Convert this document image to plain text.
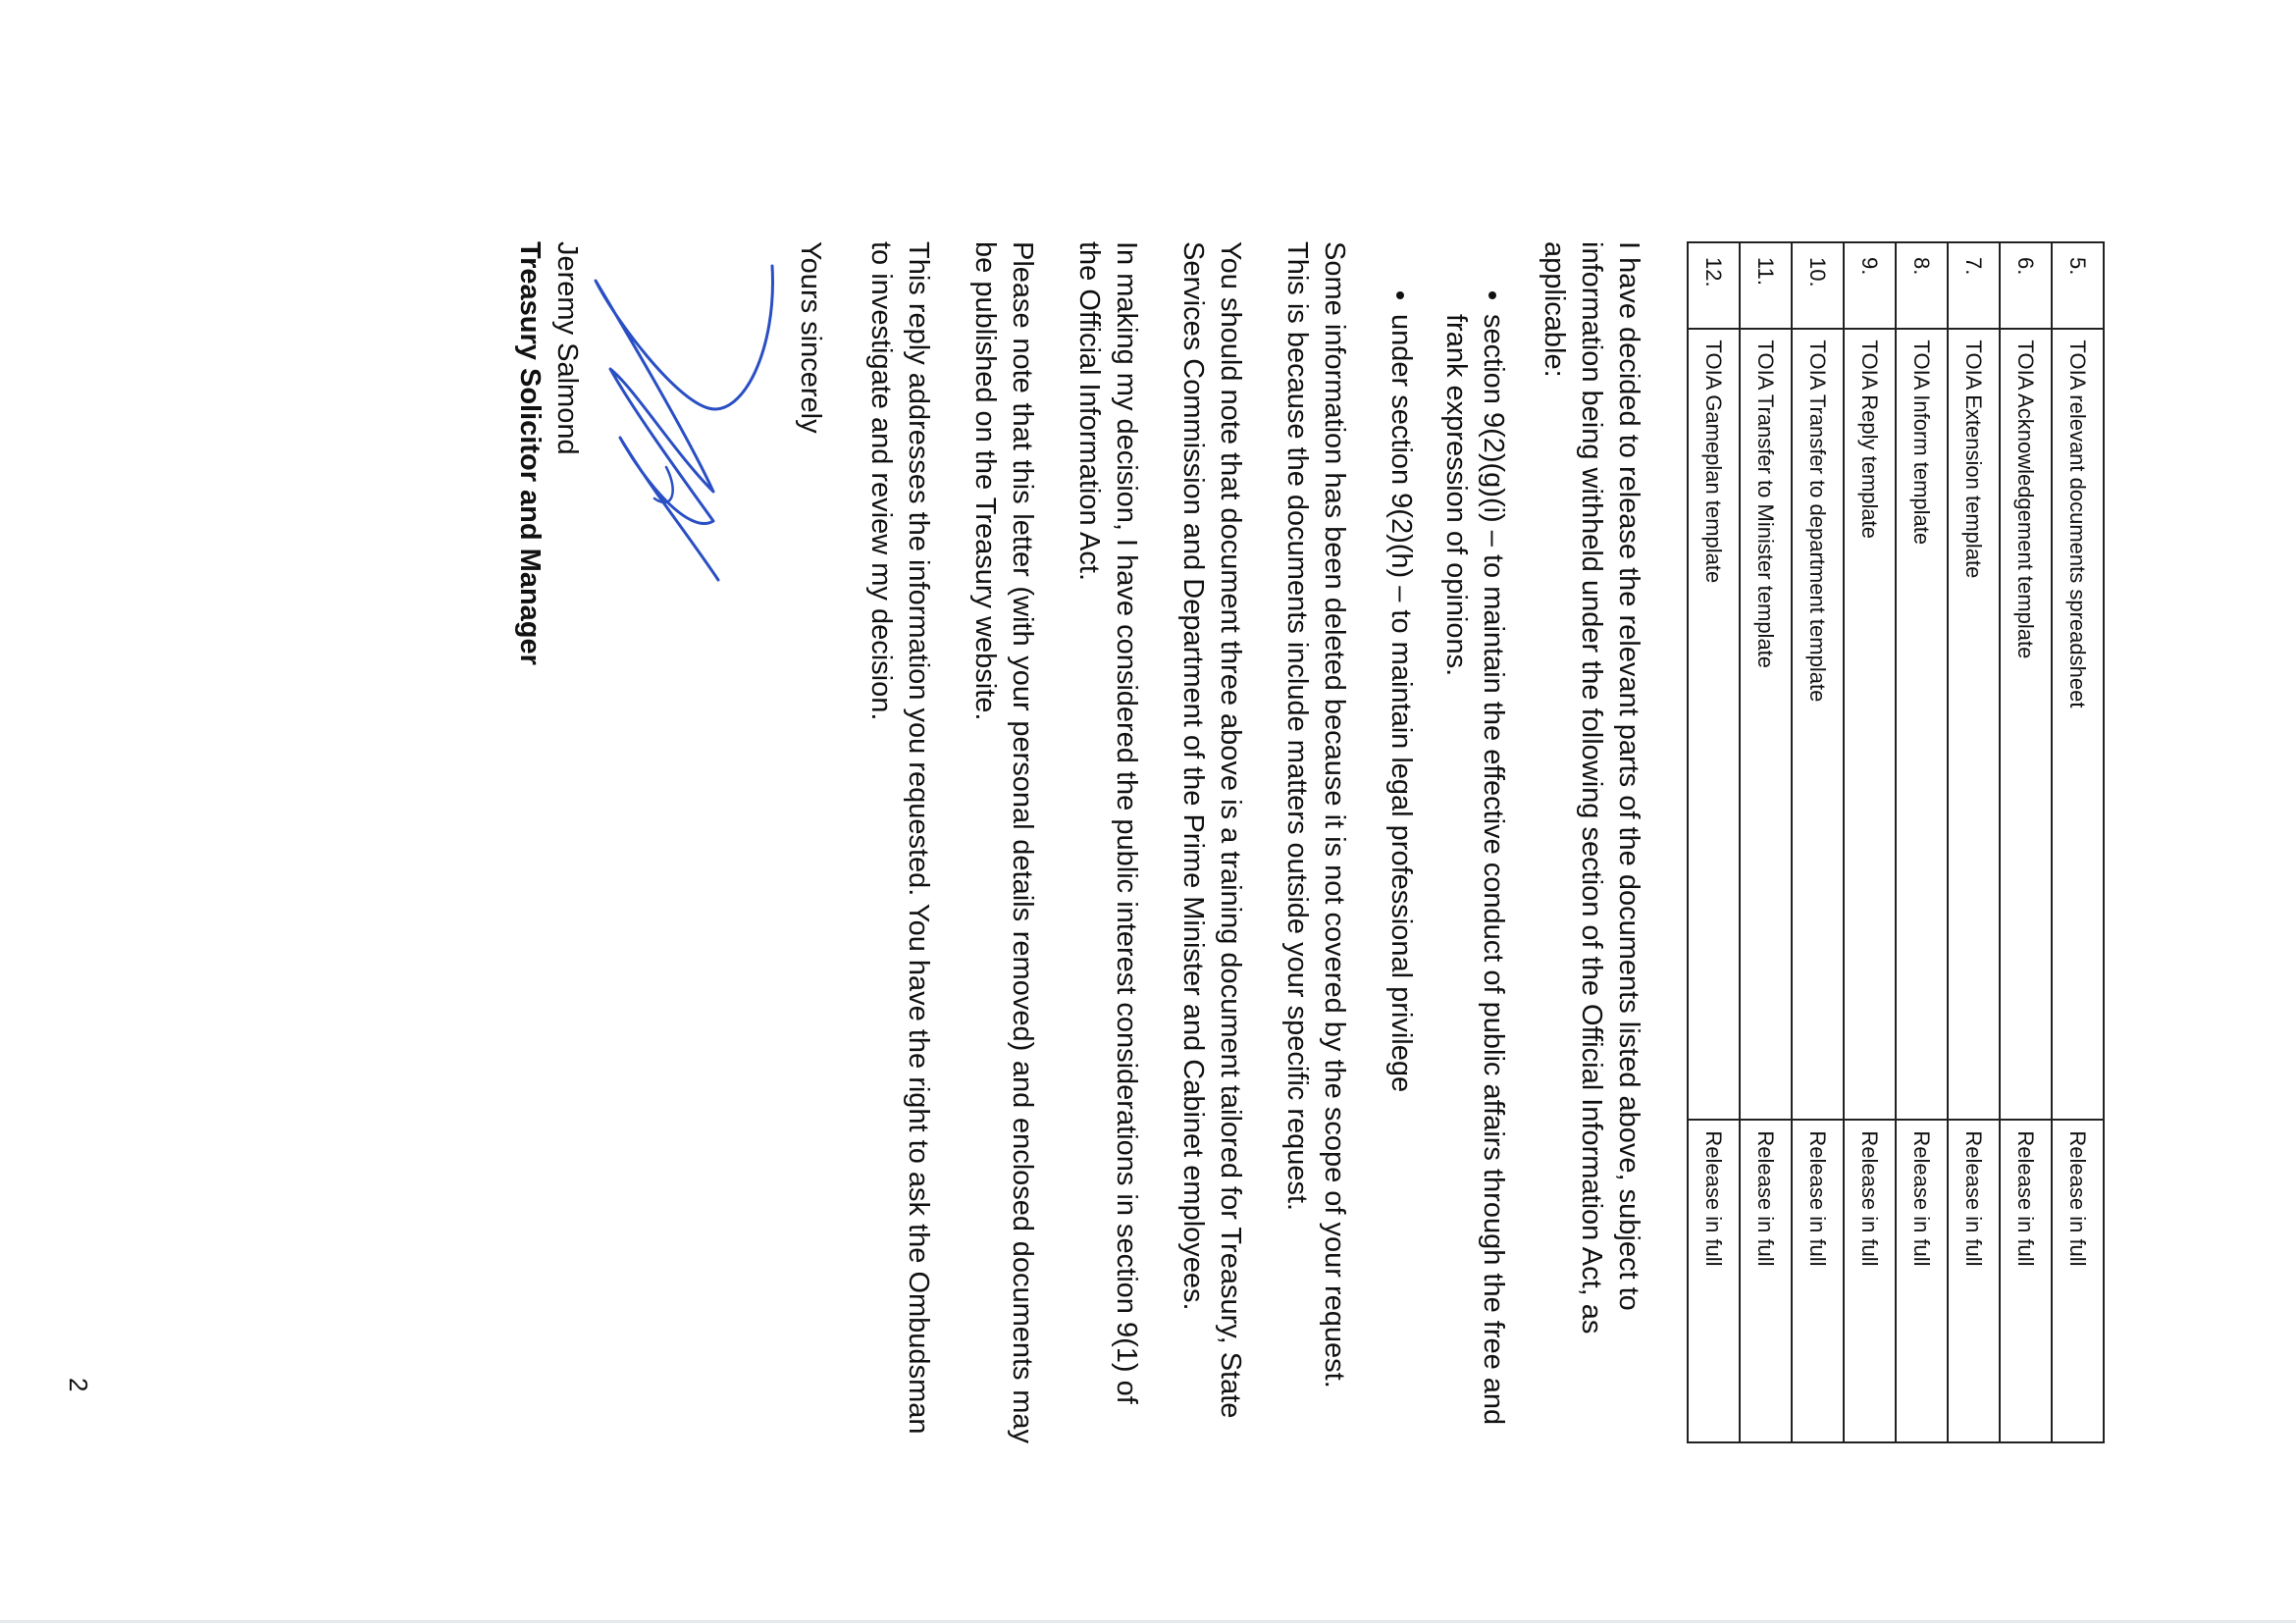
5.	TOIA relevant documents spreadsheet	Release in full
6.	TOIA Acknowledgement template	Release in full
7.	TOIA Extension template	Release in full
8.	TOIA Inform template	Release in full
9.	TOIA Reply template	Release in full
10.	TOIA Transfer to department template	Release in full
11.	TOIA Transfer to Minister template	Release in full
12.	TOIA Gameplan template	Release in full

I have decided to release the relevant parts of the documents listed above, subject to information being withheld under the following section of the Official Information Act, as applicable:

• section 9(2)(g)(i) – to maintain the effective conduct of public affairs through the free and frank expression of opinions.
• under section 9(2)(h) – to maintain legal professional privilege

Some information has been deleted because it is not covered by the scope of your request. This is because the documents include matters outside your specific request.

You should note that document three above is a training document tailored for Treasury, State Services Commission and Department of the Prime Minister and Cabinet employees.

In making my decision, I have considered the public interest considerations in section 9(1) of the Official Information Act.

Please note that this letter (with your personal details removed) and enclosed documents may be published on the Treasury website.

This reply addresses the information you requested. You have the right to ask the Ombudsman to investigate and review my decision.

Yours sincerely

Jeremy Salmond

Treasury Solicitor and Manager

2
